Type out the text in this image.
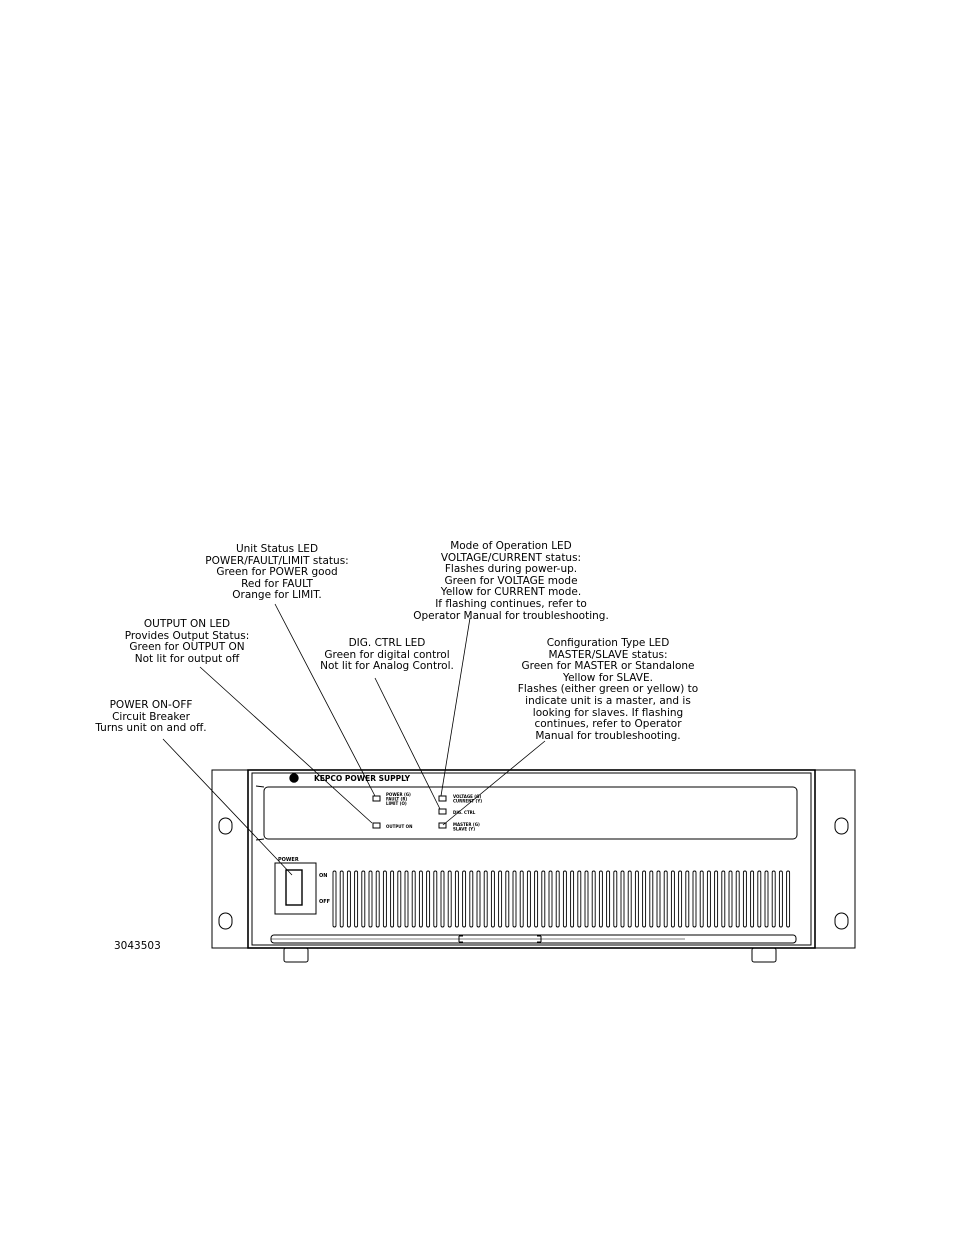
Unit Status LED
POWER/FAULT/LIMIT status:
Green for POWER good
Red for FAULT
Orange for LIMIT.
Mode of Operation LED
VOLTAGE/CURRENT status:
Flashes during power-up.
Green for VOLTAGE mode
Yellow for CURRENT mode.
If flashing continues, refer to
Operator Manual for troubleshooting.
OUTPUT ON LED
Provides Output Status:
Green for OUTPUT ON
Not lit for output off
DIG. CTRL LED
Green for digital control
Not lit for Analog Control.
Configuration Type LED
MASTER/SLAVE status:
Green for MASTER or Standalone
Yellow for SLAVE.
Flashes (either green or yellow) to
indicate unit is a master, and is
looking for slaves. If flashing
continues, refer to Operator
Manual for troubleshooting.
POWER ON-OFF
Circuit Breaker
Turns unit on and off.
3043503
KEPCO POWER SUPPLY
POWER (G)
FAULT (R)
LIMIT (O)
OUTPUT ON
VOLTAGE (G)
CURRENT (Y)
DIG. CTRL
MASTER (G)
SLAVE (Y)
POWER
ON
OFF
